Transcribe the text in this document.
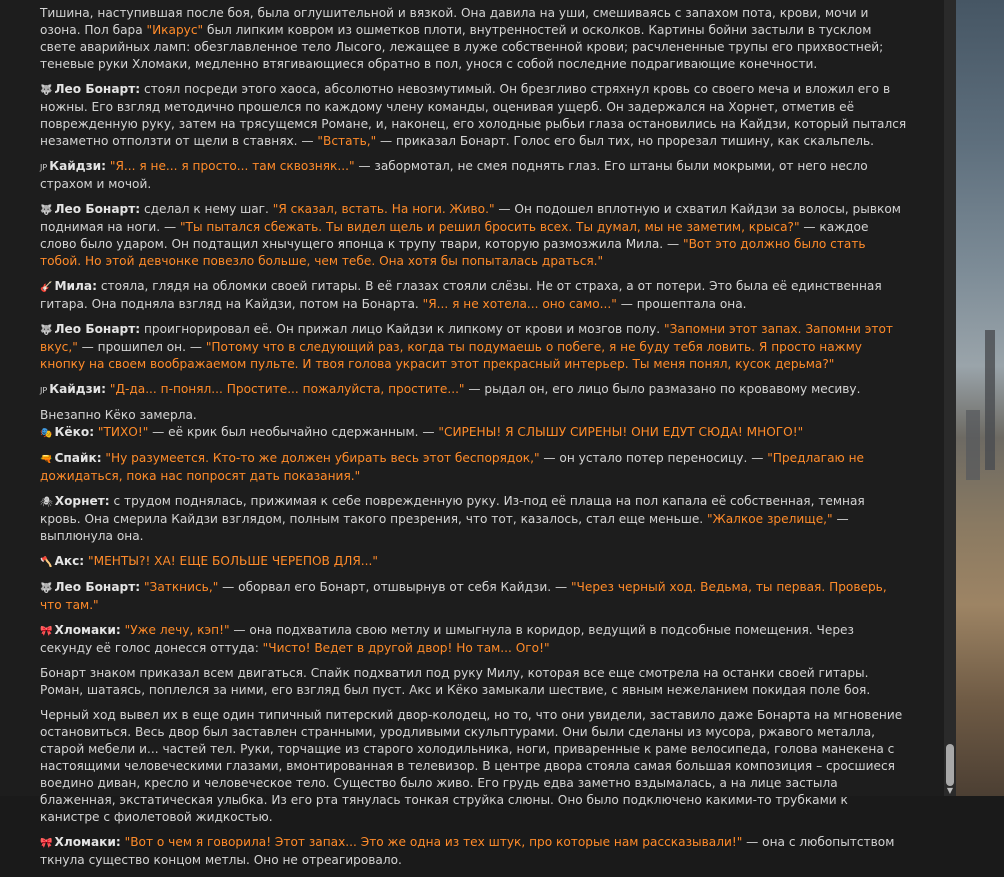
Тишина, наступившая после боя, была оглушительной и вязкой. Она давила на уши, смешиваясь с запахом пота, крови, мочи и озона. Пол бара "Икарус" был липким ковром из ошметков плоти, внутренностей и осколков. Картины бойни застыли в тусклом свете аварийных ламп: обезглавленное тело Лысого, лежащее в луже собственной крови; расчлененные трупы его прихвостней; теневые руки Хломаки, медленно втягивающиеся обратно в пол, унося с собой последние подрагивающие конечности.

🐺 Лео Бонарт: стоял посреди этого хаоса, абсолютно невозмутимый. Он брезгливо стряхнул кровь со своего меча и вложил его в ножны. Его взгляд методично прошелся по каждому члену команды, оценивая ущерб. Он задержался на Хорнет, отметив её поврежденную руку, затем на трясущемся Романе, и, наконец, его холодные рыбьи глаза остановились на Кайдзи, который пытался незаметно отползти от щели в ставнях. — "Встать," — приказал Бонарт. Голос его был тих, но прорезал тишину, как скальпель.

JP Кайдзи: "Я... я не... я просто... там сквозняк..." — забормотал, не смея поднять глаз. Его штаны были мокрыми, от него несло страхом и мочой.

🐺 Лео Бонарт: сделал к нему шаг. "Я сказал, встать. На ноги. Живо." — Он подошел вплотную и схватил Кайдзи за волосы, рывком поднимая на ноги. — "Ты пытался сбежать. Ты видел щель и решил бросить всех. Ты думал, мы не заметим, крыса?" — каждое слово было ударом. Он подтащил хнычущего японца к трупу твари, которую размозжила Мила. — "Вот это должно было стать тобой. Но этой девчонке повезло больше, чем тебе. Она хотя бы попыталась драться."

🎸 Мила: стояла, глядя на обломки своей гитары. В её глазах стояли слёзы. Не от страха, а от потери. Это была её единственная гитара. Она подняла взгляд на Кайдзи, потом на Бонарта. "Я... я не хотела... оно само..." — прошептала она.

🐺 Лео Бонарт: проигнорировал её. Он прижал лицо Кайдзи к липкому от крови и мозгов полу. "Запомни этот запах. Запомни этот вкус," — прошипел он. — "Потому что в следующий раз, когда ты подумаешь о побеге, я не буду тебя ловить. Я просто нажму кнопку на своем воображаемом пульте. И твоя голова украсит этот прекрасный интерьер. Ты меня понял, кусок дерьма?"

JP Кайдзи: "Д-да... п-понял... Простите... пожалуйста, простите..." — рыдал он, его лицо было размазано по кровавому месиву.

Внезапно Кёко замерла.

🎭 Кёко: "ТИХО!" — её крик был необычайно сдержанным. — "СИРЕНЫ! Я СЛЫШУ СИРЕНЫ! ОНИ ЕДУТ СЮДА! МНОГО!"

🔫 Спайк: "Ну разумеется. Кто-то же должен убирать весь этот беспорядок," — он устало потер переносицу. — "Предлагаю не дожидаться, пока нас попросят дать показания."

🕷 Хорнет: с трудом поднялась, прижимая к себе поврежденную руку. Из-под её плаща на пол капала её собственная, темная кровь. Она смерила Кайдзи взглядом, полным такого презрения, что тот, казалось, стал еще меньше. "Жалкое зрелище," — выплюнула она.

🪓 Акс: "МЕНТЫ?! ХА! ЕЩЕ БОЛЬШЕ ЧЕРЕПОВ ДЛЯ..."

🐺 Лео Бонарт: "Заткнись," — оборвал его Бонарт, отшвырнув от себя Кайдзи. — "Через черный ход. Ведьма, ты первая. Проверь, что там."

🎀 Хломаки: "Уже лечу, кэп!" — она подхватила свою метлу и шмыгнула в коридор, ведущий в подсобные помещения. Через секунду её голос донесся оттуда: "Чисто! Ведет в другой двор! Но там... Ого!"

Бонарт знаком приказал всем двигаться. Спайк подхватил под руку Милу, которая все еще смотрела на останки своей гитары. Роман, шатаясь, поплелся за ними, его взгляд был пуст. Акс и Кёко замыкали шествие, с явным нежеланием покидая поле боя.

Черный ход вывел их в еще один типичный питерский двор-колодец, но то, что они увидели, заставило даже Бонарта на мгновение остановиться. Весь двор был заставлен странными, уродливыми скульптурами. Они были сделаны из мусора, ржавого металла, старой мебели и... частей тел. Руки, торчащие из старого холодильника, ноги, приваренные к раме велосипеда, голова манекена с настоящими человеческими глазами, вмонтированная в телевизор. В центре двора стояла самая большая композиция – сросшиеся воедино диван, кресло и человеческое тело. Существо было живо. Его грудь едва заметно вздымалась, а на лице застыла блаженная, экстатическая улыбка. Из его рта тянулась тонкая струйка слюны. Оно было подключено какими-то трубками к канистре с фиолетовой жидкостью.

🎀 Хломаки: "Вот о чем я говорила! Этот запах... Это же одна из тех штук, про которые нам рассказывали!" — она с любопытством ткнула существо концом метлы. Оно не отреагировало.

▼
